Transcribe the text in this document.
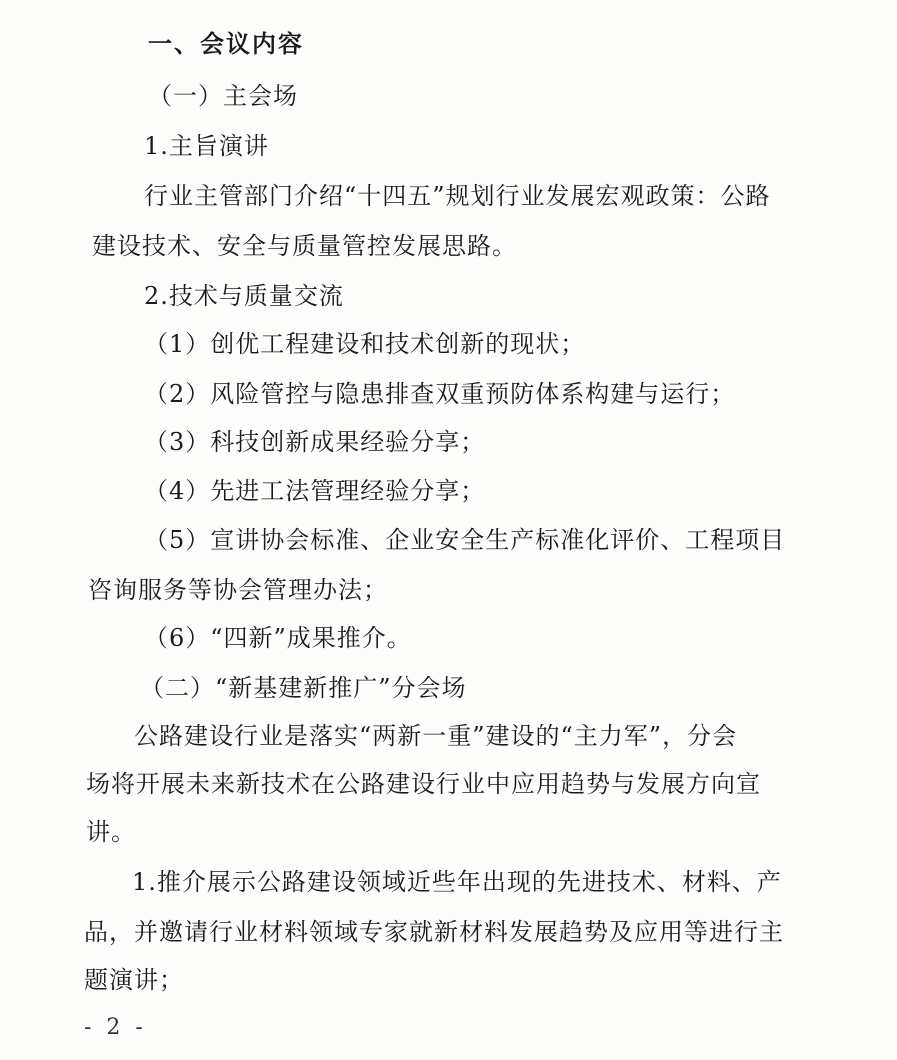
一、会议内容
（一）主会场
1.主旨演讲
行业主管部门介绍“十四五”规划行业发展宏观政策：公路
建设技术、安全与质量管控发展思路。
2.技术与质量交流
（1）创优工程建设和技术创新的现状；
（2）风险管控与隐患排查双重预防体系构建与运行；
（3）科技创新成果经验分享；
（4）先进工法管理经验分享；
（5）宣讲协会标准、企业安全生产标准化评价、工程项目
咨询服务等协会管理办法；
（6）“四新”成果推介。
（二）“新基建新推广”分会场
公路建设行业是落实“两新一重”建设的“主力军”，分会
场将开展未来新技术在公路建设行业中应用趋势与发展方向宣
讲。
1.推介展示公路建设领域近些年出现的先进技术、材料、产
品，并邀请行业材料领域专家就新材料发展趋势及应用等进行主
题演讲；
- 2 -
